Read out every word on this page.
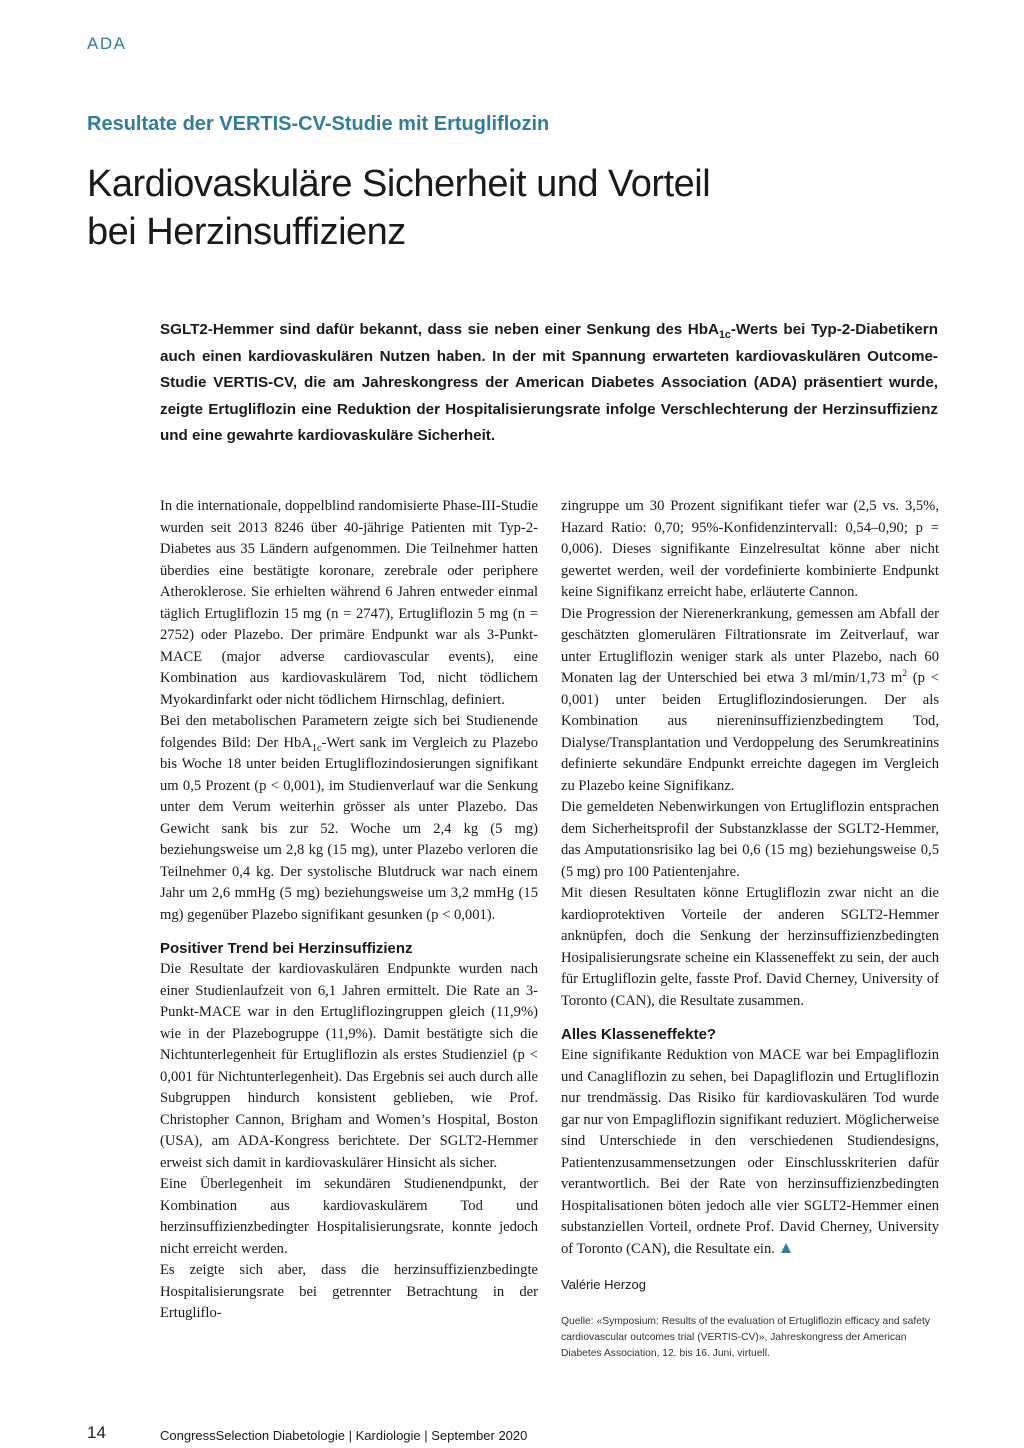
ADA
Resultate der VERTIS-CV-Studie mit Ertugliflozin
Kardiovaskuläre Sicherheit und Vorteil
bei Herzinsuffizienz

SGLT2-Hemmer sind dafür bekannt, dass sie neben einer Senkung des HbA$_{1c}$-Werts bei Typ-2-Diabetikern auch einen kardiovaskulären Nutzen haben. In der mit Spannung erwarteten kardiovaskulären Outcome-Studie VERTIS-CV, die am Jahreskongress der American Diabetes Association (ADA) präsentiert wurde, zeigte Ertugliflozin eine Reduktion der Hospitalisierungsrate infolge Verschlechterung der Herzinsuffizienz und eine gewahrte kardiovaskuläre Sicherheit.

In die internationale, doppelblind randomisierte Phase-III-Studie wurden seit 2013 8246 über 40-jährige Patienten mit Typ-2-Diabetes aus 35 Ländern aufgenommen. Die Teilnehmer hatten überdies eine bestätigte koronare, zerebrale oder periphere Atheroklerose. Sie erhielten während 6 Jahren entweder einmal täglich Ertugliflozin 15 mg (n = 2747), Ertugliflozin 5 mg (n = 2752) oder Plazebo. Der primäre Endpunkt war als 3-Punkt-MACE (major adverse cardiovascular events), eine Kombination aus kardiovaskulärem Tod, nicht tödlichem Myokardinfarkt oder nicht tödlichem Hirnschlag, definiert.

Bei den metabolischen Parametern zeigte sich bei Studienende folgendes Bild: Der HbA$_{1c}$-Wert sank im Vergleich zu Plazebo bis Woche 18 unter beiden Ertugliflozindosierungen signifikant um 0,5 Prozent (p < 0,001), im Studienverlauf war die Senkung unter dem Verum weiterhin grösser als unter Plazebo. Das Gewicht sank bis zur 52. Woche um 2,4 kg (5 mg) beziehungsweise um 2,8 kg (15 mg), unter Plazebo verloren die Teilnehmer 0,4 kg. Der systolische Blutdruck war nach einem Jahr um 2,6 mmHg (5 mg) beziehungsweise um 3,2 mmHg (15 mg) gegenüber Plazebo signifikant gesunken (p < 0,001).

Positiver Trend bei Herzinsuffizienz

Die Resultate der kardiovaskulären Endpunkte wurden nach einer Studienlaufzeit von 6,1 Jahren ermittelt. Die Rate an 3-Punkt-MACE war in den Ertugliflozingruppen gleich (11,9%) wie in der Plazebogruppe (11,9%). Damit bestätigte sich die Nichtunterlegenheit für Ertugliflozin als erstes Studienziel (p < 0,001 für Nichtunterlegenheit). Das Ergebnis sei auch durch alle Subgruppen hindurch konsistent geblieben, wie Prof. Christopher Cannon, Brigham and Women’s Hospital, Boston (USA), am ADA-Kongress berichtete. Der SGLT2-Hemmer erweist sich damit in kardiovaskulärer Hinsicht als sicher.

Eine Überlegenheit im sekundären Studienendpunkt, der Kombination aus kardiovaskulärem Tod und herzinsuffizienzbedingter Hospitalisierungsrate, konnte jedoch nicht erreicht werden.

Es zeigte sich aber, dass die herzinsuffizienzbedingte Hospitalisierungsrate bei getrennter Betrachtung in der Ertugliflo-

zingruppe um 30 Prozent signifikant tiefer war (2,5 vs. 3,5%, Hazard Ratio: 0,70; 95%-Konfidenzintervall: 0,54–0,90; p = 0,006). Dieses signifikante Einzelresultat könne aber nicht gewertet werden, weil der vordefinierte kombinierte Endpunkt keine Signifikanz erreicht habe, erläuterte Cannon.

Die Progression der Nierenerkrankung, gemessen am Abfall der geschätzten glomerulären Filtrationsrate im Zeitverlauf, war unter Ertugliflozin weniger stark als unter Plazebo, nach 60 Monaten lag der Unterschied bei etwa 3 ml/min/1,73 $m^2$ (p < 0,001) unter beiden Ertugliflozindosierungen. Der als Kombination aus niereninsuffizienzbedingtem Tod, Dialyse/Transplantation und Verdoppelung des Serumkreatinins definierte sekundäre Endpunkt erreichte dagegen im Vergleich zu Plazebo keine Signifikanz.

Die gemeldeten Nebenwirkungen von Ertugliflozin entsprachen dem Sicherheitsprofil der Substanzklasse der SGLT2-Hemmer, das Amputationsrisiko lag bei 0,6 (15 mg) beziehungsweise 0,5 (5 mg) pro 100 Patientenjahre.

Mit diesen Resultaten könne Ertugliflozin zwar nicht an die kardioprotektiven Vorteile der anderen SGLT2-Hemmer anknüpfen, doch die Senkung der herzinsuffizienzbedingten Hosipalisierungsrate scheine ein Klasseneffekt zu sein, der auch für Ertugliflozin gelte, fasste Prof. David Cherney, University of Toronto (CAN), die Resultate zusammen.

Alles Klasseneffekte?

Eine signifikante Reduktion von MACE war bei Empagliflozin und Canagliflozin zu sehen, bei Dapagliflozin und Ertugliflozin nur trendmässig. Das Risiko für kardiovaskulären Tod wurde gar nur von Empagliflozin signifikant reduziert. Möglicherweise sind Unterschiede in den verschiedenen Studiendesigns, Patientenzusammensetzungen oder Einschlusskriterien dafür verantwortlich. Bei der Rate von herzinsuffizienzbedingten Hospitalisationen böten jedoch alle vier SGLT2-Hemmer einen substanziellen Vorteil, ordnete Prof. David Cherney, University of Toronto (CAN), die Resultate ein.

Valérie Herzog
Quelle: «Symposium: Results of the evaluation of Ertugliflozin efficacy and safety cardiovascular outcomes trial (VERTIS-CV)», Jahreskongress der American Diabetes Association, 12. bis 16. Juni, virtuell.
14	CongressSelection Diabetologie | Kardiologie | September 2020
